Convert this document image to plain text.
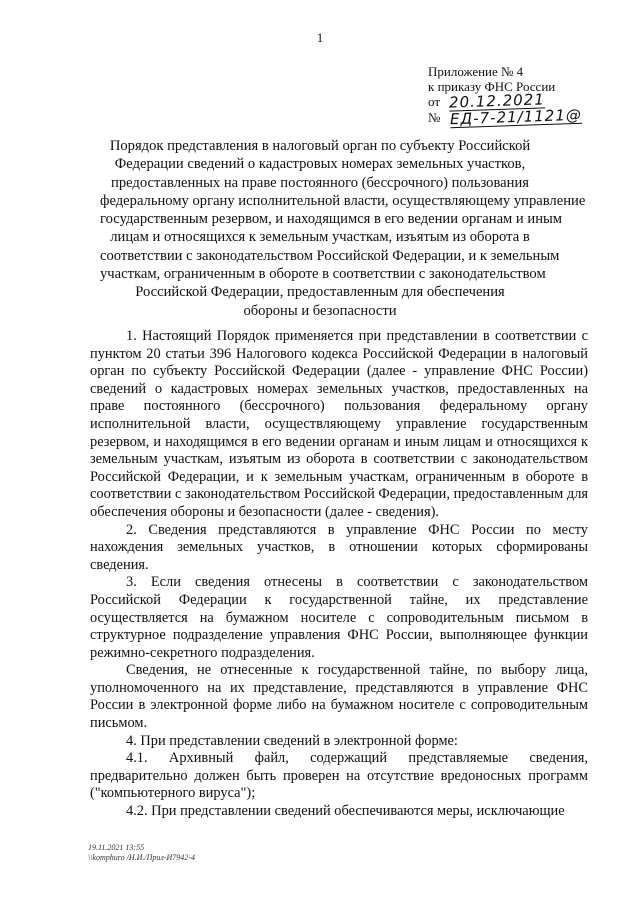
1
Приложение № 4
к приказу ФНС России
от 20.12.2021
№ ЕД-7-21/1121@
Порядок представления в налоговый орган по субъекту Российской
Федерации сведений о кадастровых номерах земельных участков,
предоставленных на праве постоянного (бессрочного) пользования
федеральному органу исполнительной власти, осуществляющему управление
государственным резервом, и находящимся в его ведении органам и иным
лицам и относящихся к земельным участкам, изъятым из оборота в
соответствии с законодательством Российской Федерации, и к земельным
участкам, ограниченным в обороте в соответствии с законодательством
Российской Федерации, предоставленным для обеспечения
обороны и безопасности

1. Настоящий Порядок применяется при представлении в соответствии с пунктом 20 статьи 396 Налогового кодекса Российской Федерации в налоговый орган по субъекту Российской Федерации (далее - управление ФНС России) сведений о кадастровых номерах земельных участков, предоставленных на праве постоянного (бессрочного) пользования федеральному органу исполнительной власти, осуществляющему управление государственным резервом, и находящимся в его ведении органам и иным лицам и относящихся к земельным участкам, изъятым из оборота в соответствии с законодательством Российской Федерации, и к земельным участкам, ограниченным в обороте в соответствии с законодательством Российской Федерации, предоставленным для обеспечения обороны и безопасности (далее - сведения).

2. Сведения представляются в управление ФНС России по месту нахождения земельных участков, в отношении которых сформированы сведения.

3. Если сведения отнесены в соответствии с законодательством Российской Федерации к государственной тайне, их представление осуществляется на бумажном носителе с сопроводительным письмом в структурное подразделение управления ФНС России, выполняющее функции режимно-секретного подразделения.

Сведения, не отнесенные к государственной тайне, по выбору лица, уполномоченного на их представление, представляются в управление ФНС России в электронной форме либо на бумажном носителе с сопроводительным письмом.

4. При представлении сведений в электронной форме:

4.1. Архивный файл, содержащий представляемые сведения, предварительно должен быть проверен на отсутствие вредоносных программ ("компьютерного вируса");

4.2. При представлении сведений обеспечиваются меры, исключающие

19.11.2021 13:55
\\komphuro /Н.И./Прил-И7942-4
